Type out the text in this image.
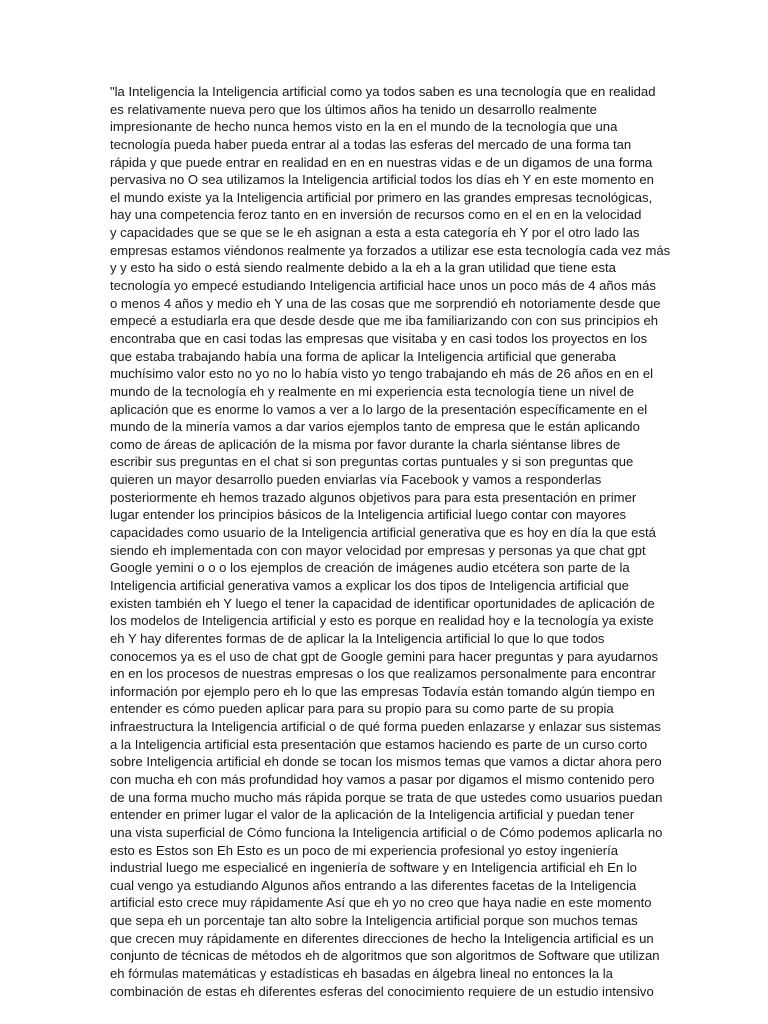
"la Inteligencia la Inteligencia artificial como ya todos saben es una tecnología que en realidad
es relativamente nueva pero que los últimos años ha tenido un desarrollo realmente
impresionante de hecho nunca hemos visto en la en el mundo de la tecnología que una
tecnología pueda haber pueda entrar al a todas las esferas del mercado de una forma tan
rápida y que puede entrar en realidad en en en nuestras vidas e de un digamos de una forma
pervasiva no O sea utilizamos la Inteligencia artificial todos los días eh Y en este momento en
el mundo existe ya la Inteligencia artificial por primero en las grandes empresas tecnológicas,
hay una competencia feroz tanto en en inversión de recursos como en el en en la velocidad
y capacidades que se que se le eh asignan a esta a esta categoría eh Y por el otro lado las
empresas estamos viéndonos realmente ya forzados a utilizar ese esta tecnología cada vez más
y y esto ha sido o está siendo realmente debido a la eh a la gran utilidad que tiene esta
tecnología yo empecé estudiando Inteligencia artificial hace unos un poco más de 4 años más
o menos 4 años y medio eh Y una de las cosas que me sorprendió eh notoriamente desde que
empecé a estudiarla era que desde desde que me iba familiarizando con con sus principios eh
encontraba que en casi todas las empresas que visitaba y en casi todos los proyectos en los
que estaba trabajando había una forma de aplicar la Inteligencia artificial que generaba
muchísimo valor esto no yo no lo había visto yo tengo trabajando eh más de 26 años en en el
mundo de la tecnología eh y realmente en mi experiencia esta tecnología tiene un nivel de
aplicación que es enorme lo vamos a ver a lo largo de la presentación específicamente en el
mundo de la minería vamos a dar varios ejemplos tanto de empresa que le están aplicando
como de áreas de aplicación de la misma por favor durante la charla siéntanse libres de
escribir sus preguntas en el chat si son preguntas cortas puntuales y si son preguntas que
quieren un mayor desarrollo pueden enviarlas vía Facebook y vamos a responderlas
posteriormente eh hemos trazado algunos objetivos para para esta presentación en primer
lugar entender los principios básicos de la Inteligencia artificial luego contar con mayores
capacidades como usuario de la Inteligencia artificial generativa que es hoy en día la que está
siendo eh implementada con con mayor velocidad por empresas y personas ya que chat gpt
Google yemini o o o los ejemplos de creación de imágenes audio etcétera son parte de la
Inteligencia artificial generativa vamos a explicar los dos tipos de Inteligencia artificial que
existen también eh Y luego el tener la capacidad de identificar oportunidades de aplicación de
los modelos de Inteligencia artificial y esto es porque en realidad hoy e la tecnología ya existe
eh Y hay diferentes formas de de aplicar la la Inteligencia artificial lo que lo que todos
conocemos ya es el uso de chat gpt de Google gemini para hacer preguntas y para ayudarnos
en en los procesos de nuestras empresas o los que realizamos personalmente para encontrar
información por ejemplo pero eh lo que las empresas Todavía están tomando algún tiempo en
entender es cómo pueden aplicar para para su propio para su como parte de su propia
infraestructura la Inteligencia artificial o de qué forma pueden enlazarse y enlazar sus sistemas
a la Inteligencia artificial esta presentación que estamos haciendo es parte de un curso corto
sobre Inteligencia artificial eh donde se tocan los mismos temas que vamos a dictar ahora pero
con mucha eh con más profundidad hoy vamos a pasar por digamos el mismo contenido pero
de una forma mucho mucho más rápida porque se trata de que ustedes como usuarios puedan
entender en primer lugar el valor de la aplicación de la Inteligencia artificial y puedan tener
una vista superficial de Cómo funciona la Inteligencia artificial o de Cómo podemos aplicarla no
esto es Estos son Eh Esto es un poco de mi experiencia profesional yo estoy ingeniería
industrial luego me especialicé en ingeniería de software y en Inteligencia artificial eh En lo
cual vengo ya estudiando Algunos años entrando a las diferentes facetas de la Inteligencia
artificial esto crece muy rápidamente Así que eh yo no creo que haya nadie en este momento
que sepa eh un porcentaje tan alto sobre la Inteligencia artificial porque son muchos temas
que crecen muy rápidamente en diferentes direcciones de hecho la Inteligencia artificial es un
conjunto de técnicas de métodos eh de algoritmos que son algoritmos de Software que utilizan
eh fórmulas matemáticas y estadísticas eh basadas en álgebra lineal no entonces la la
combinación de estas eh diferentes esferas del conocimiento requiere de un estudio intensivo
